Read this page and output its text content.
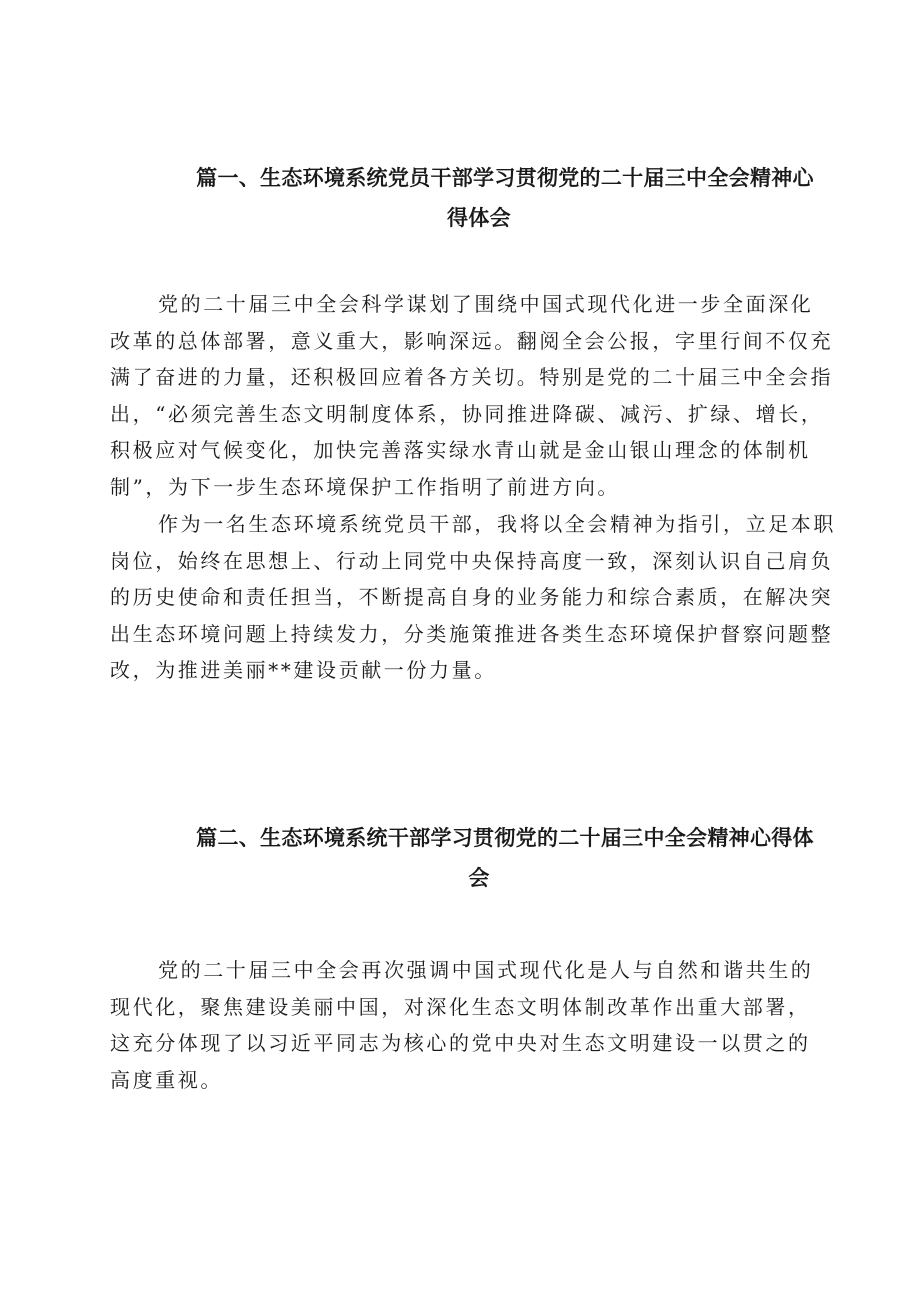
篇一、生态环境系统党员干部学习贯彻党的二十届三中全会精神心
得体会

党的二十届三中全会科学谋划了围绕中国式现代化进一步全面深化
改革的总体部署，意义重大，影响深远。翻阅全会公报，字里行间不仅充
满了奋进的力量，还积极回应着各方关切。特别是党的二十届三中全会指
出，“必须完善生态文明制度体系，协同推进降碳、减污、扩绿、增长，
积极应对气候变化，加快完善落实绿水青山就是金山银山理念的体制机
制”，为下一步生态环境保护工作指明了前进方向。

作为一名生态环境系统党员干部，我将以全会精神为指引，立足本职
岗位，始终在思想上、行动上同党中央保持高度一致，深刻认识自己肩负
的历史使命和责任担当，不断提高自身的业务能力和综合素质，在解决突
出生态环境问题上持续发力，分类施策推进各类生态环境保护督察问题整
改，为推进美丽**建设贡献一份力量。

篇二、生态环境系统干部学习贯彻党的二十届三中全会精神心得体
会

党的二十届三中全会再次强调中国式现代化是人与自然和谐共生的
现代化，聚焦建设美丽中国，对深化生态文明体制改革作出重大部署，
这充分体现了以习近平同志为核心的党中央对生态文明建设一以贯之的
高度重视。
